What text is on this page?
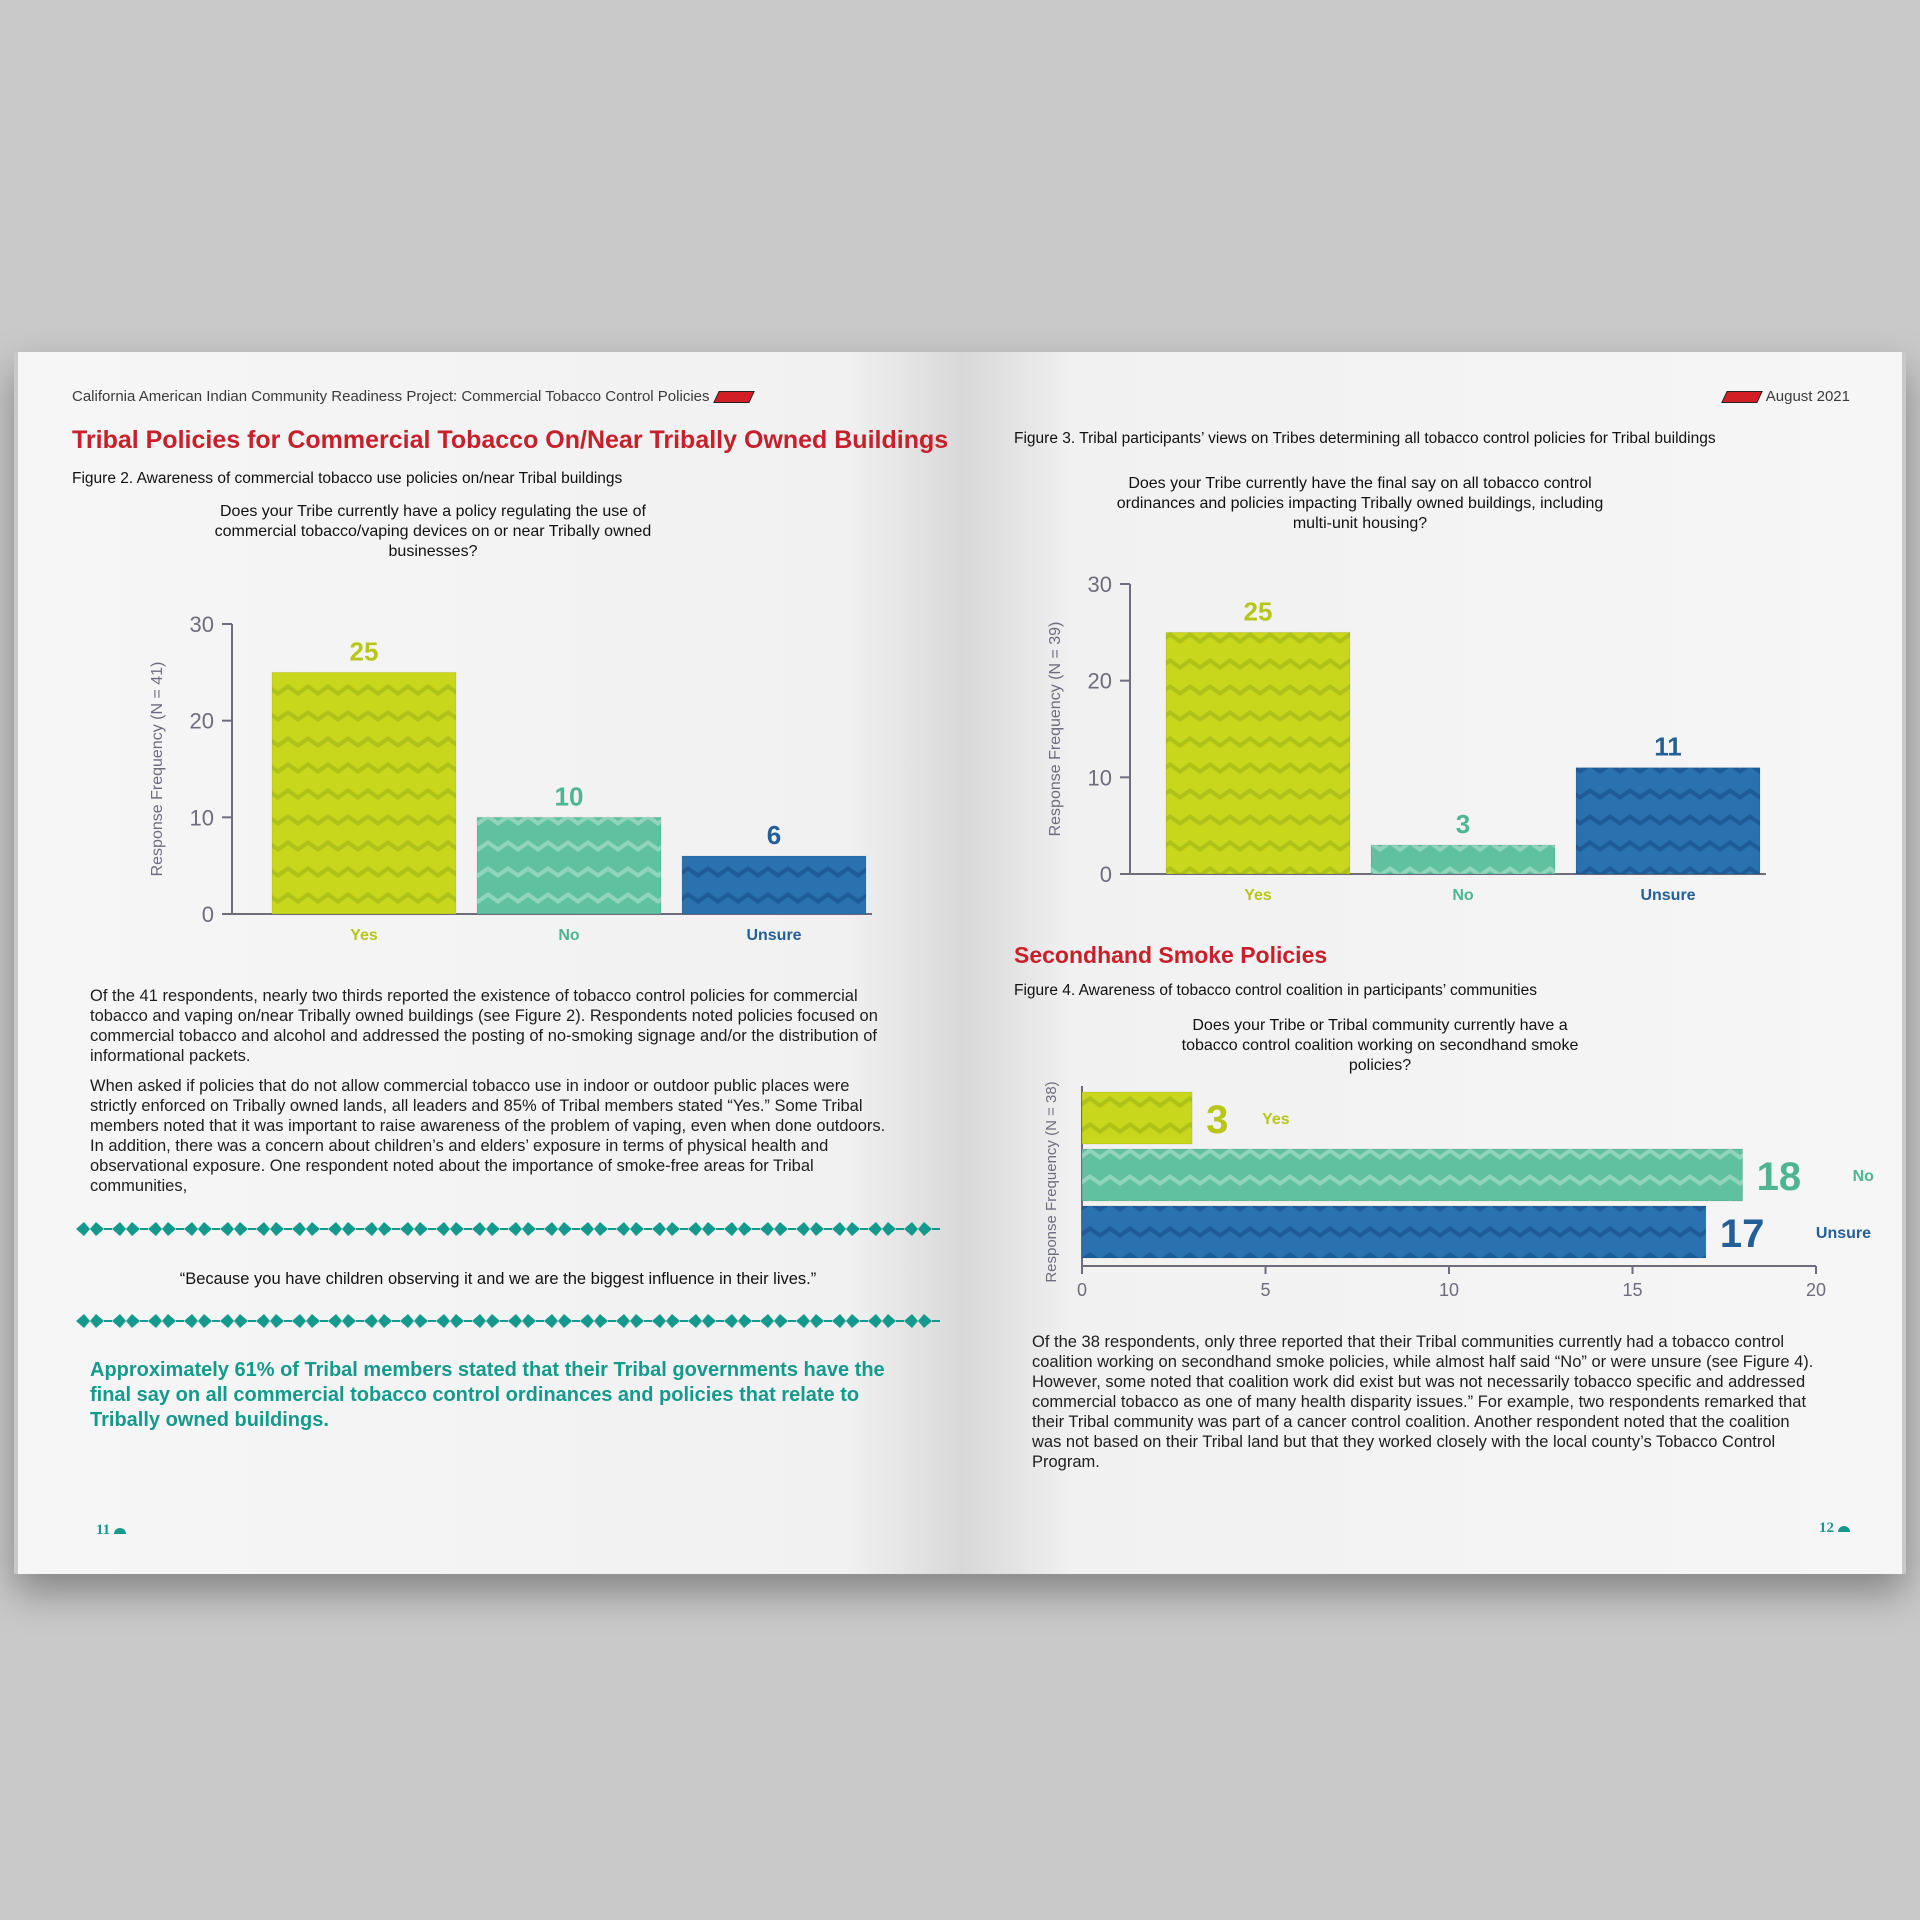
California American Indian Community Readiness Project: Commercial Tobacco Control Policies
Tribal Policies for Commercial Tobacco On/Near Tribally Owned Buildings
Figure 2. Awareness of commercial tobacco use policies on/near Tribal buildings
Does your Tribe currently have a policy regulating the use of commercial tobacco/vaping devices on or near Tribally owned businesses?
0
10
20
30
Response Frequency (N = 41)
25
Yes
10
No
6
Unsure
Of the 41 respondents, nearly two thirds reported the existence of tobacco control policies for commercial tobacco and vaping on/near Tribally owned buildings (see Figure 2). Respondents noted policies focused on commercial tobacco and alcohol and addressed the posting of no-smoking signage and/or the distribution of informational packets.
When asked if policies that do not allow commercial tobacco use in indoor or outdoor public places were strictly enforced on Tribally owned lands, all leaders and 85% of Tribal members stated “Yes.” Some Tribal members noted that it was important to raise awareness of the problem of vaping, even when done outdoors. In addition, there was a concern about children’s and elders’ exposure in terms of physical health and observational exposure. One respondent noted about the importance of smoke-free areas for Tribal communities,
“Because you have children observing it and we are the biggest influence in their lives.”
Approximately 61% of Tribal members stated that their Tribal governments have the final say on all commercial tobacco control ordinances and policies that relate to Tribally owned buildings.
11
August 2021
Figure 3. Tribal participants’ views on Tribes determining all tobacco control policies for Tribal buildings
Does your Tribe currently have the final say on all tobacco control ordinances and policies impacting Tribally owned buildings, including multi-unit housing?
0
10
20
30
Response Frequency (N = 39)
25
Yes
3
No
11
Unsure
Secondhand Smoke Policies
Figure 4. Awareness of tobacco control coalition in participants’ communities
Does your Tribe or Tribal community currently have a tobacco control coalition working on secondhand smoke policies?
0	5	10	15	20
Response Frequency (N = 38)	3 Yes
18	No
17	Unsure
Of the 38 respondents, only three reported that their Tribal communities currently had a tobacco control coalition working on secondhand smoke policies, while almost half said “No” or were unsure (see Figure 4). However, some noted that coalition work did exist but was not necessarily tobacco specific and addressed commercial tobacco as one of many health disparity issues.” For example, two respondents remarked that their Tribal community was part of a cancer control coalition. Another respondent noted that the coalition was not based on their Tribal land but that they worked closely with the local county’s Tobacco Control Program.
12
